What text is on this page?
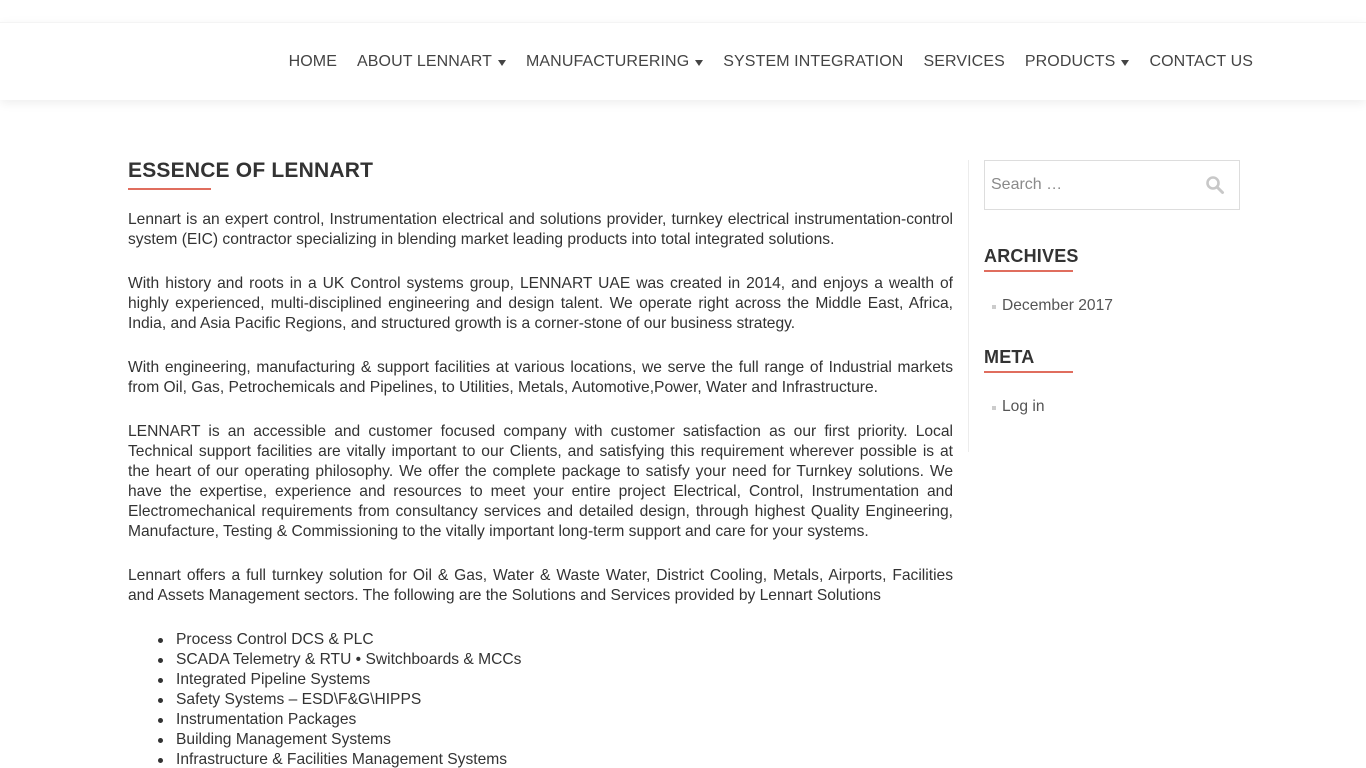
HOME ABOUT LENNART MANUFACTURERING SYSTEM INTEGRATION SERVICES PRODUCTS CONTACT US
ESSENCE OF LENNART

Lennart is an expert control, Instrumentation electrical and solutions provider, turnkey electrical instrumentation-control system (EIC) contractor specializing in blending market leading products into total integrated solutions.

With history and roots in a UK Control systems group, LENNART UAE was created in 2014, and enjoys a wealth of highly experienced, multi-disciplined engineering and design talent. We operate right across the Middle East, Africa, India, and Asia Pacific Regions, and structured growth is a corner-stone of our business strategy.

With engineering, manufacturing & support facilities at various locations, we serve the full range of Industrial markets from Oil, Gas, Petrochemicals and Pipelines, to Utilities, Metals, Automotive,Power, Water and Infrastructure.

LENNART is an accessible and customer focused company with customer satisfaction as our first priority. Local Technical support facilities are vitally important to our Clients, and satisfying this requirement wherever possible is at the heart of our operating philosophy. We offer the complete package to satisfy your need for Turnkey solutions. We have the expertise, experience and resources to meet your entire project Electrical, Control, Instrumentation and Electromechanical requirements from consultancy services and detailed design, through highest Quality Engineering, Manufacture, Testing & Commissioning to the vitally important long-term support and care for your systems.

Lennart offers a full turnkey solution for Oil & Gas, Water & Waste Water, District Cooling, Metals, Airports, Facilities and Assets Management sectors. The following are the Solutions and Services provided by Lennart Solutions

Process Control DCS & PLC
SCADA Telemetry & RTU • Switchboards & MCCs
Integrated Pipeline Systems
Safety Systems – ESD\F&G\HIPPS
Instrumentation Packages
Building Management Systems
Infrastructure & Facilities Management Systems
Search …
ARCHIVES
December 2017
META
Log in
